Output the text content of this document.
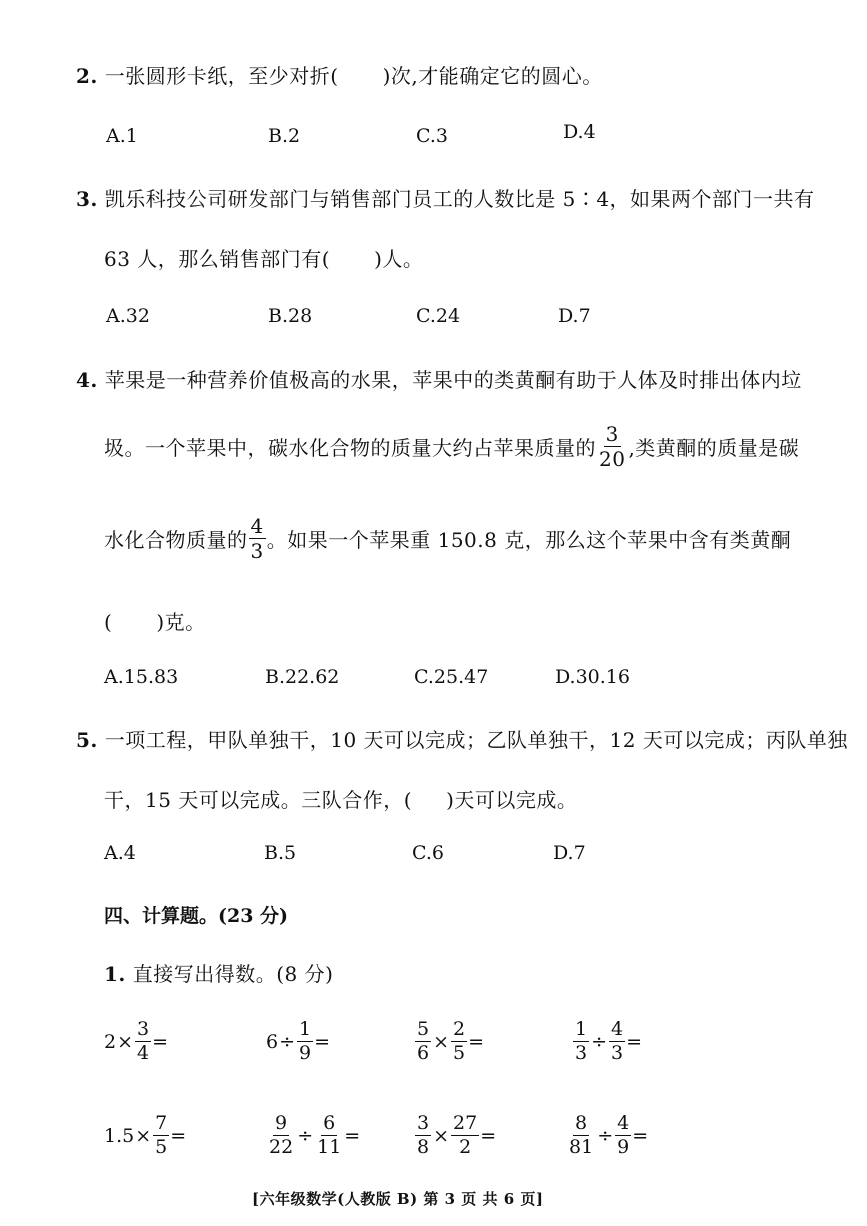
2. 一张圆形卡纸，至少对折( )次,才能确定它的圆心。
A.1	B.2	C.3	D.4
3. 凯乐科技公司研发部门与销售部门员工的人数比是 5∶4，如果两个部门一共有
63 人，那么销售部门有( )人。
A.32	B.28	C.24	D.7
4. 苹果是一种营养价值极高的水果，苹果中的类黄酮有助于人体及时排出体内垃
圾。一个苹果中，碳水化合物的质量大约占苹果质量的 $\frac{3}{20}$ ,类黄酮的质量是碳
水化合物质量的 $\frac{4}{3}$ 。如果一个苹果重 150.8 克，那么这个苹果中含有类黄酮
( )克。
A.15.83	B.22.62	C.25.47	D.30.16
5. 一项工程，甲队单独干，10 天可以完成；乙队单独干，12 天可以完成；丙队单独
干，15 天可以完成。三队合作，( )天可以完成。
A.4	B.5	C.6	D.7
四、计算题。(23 分)
1. 直接写出得数。(8 分)
$2 \times \frac{3}{4}$ =	$6 \div \frac{1}{9}$ =	$\frac{5}{6} \times \frac{2}{5}$ =	$\frac{1}{3} \div \frac{4}{3}$ =
$1.5 \times \frac{7}{5}$ =	$\frac{9}{22} \div \frac{6}{11}$ =	$\frac{3}{8} \times \frac{27}{2}$ =	$\frac{8}{81} \div \frac{4}{9}$ =
[六年级数学(人教版 B) 第 3 页 共 6 页]
